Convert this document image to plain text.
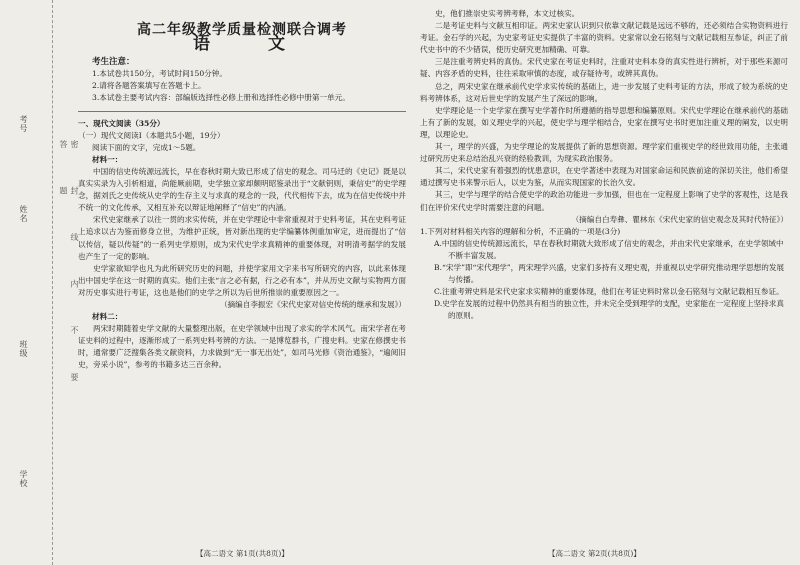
考号
姓名
班级
学校
密 封 线 内 不 要 答 题
高二年级教学质量检测联合调考
语 文
考生注意：
1.本试卷共150分，考试时间150分钟。
2.请将各题答案填写在答题卡上。
3.本试卷主要考试内容：部编版选择性必修上册和选择性必修中册第一单元。
一、现代文阅读（35分）
（一）现代文阅读Ⅰ（本题共5小题，19分）
阅读下面的文字，完成1～5题。
材料一：

中国的信史传统源远流长，早在春秋时期大致已形成了信史的观念。司马迁的《史记》既是以真实实录为入引析相道，尚能厥前期，史学独立家却颇明昭鉴录出于“文献钥则，秉信史”的史学理念，据刘氏之史传统从史学的生存主义与求真的观念的一段，代代相传下去，成为在信史传统中并不统一的文化传承，又相互补充以辩证地阐释了“信史”的内涵。

宋代史家继承了以往一贯的求实传统，并在史学理论中非常重视对于史料考证，其在史料考证上追求以古为鉴而修身立世，为维护正统，皆对新出现的史学编纂体例重加审定，进而提出了“信以传信，疑以传疑”的一系列史学原则，成为宋代史学求真精神的重要体现，对明清考据学的发展也产生了一定的影响。

史学家欲知学也凡为此所研究历史的问题，并使学家用文字来书写所研究的内容，以此来体现出中国史学在这一时期的真实。他们主张“言之必有据，行之必有本”，并从历史文献与实物两方面对历史事实进行考证，这也是他们的史学之所以为后世所推崇的重要原因之一。

（摘编自李振宏《宋代史家对信史传统的继承和发展》）
材料二：

两宋时期随着史学文献的大量整理出版，在史学领域中出现了求实的学术风气。南宋学者在考证史料的过程中，逐渐形成了一系列史料考辨的方法。一是博览群书，广搜史料。史家在修撰史书时，通常要广泛搜集各类文献资料，力求做到“无一事无出处”，如司马光修《资治通鉴》，“遍阅旧史，旁采小说”，参考的书籍多达三百余种。

【高二语文 第1页(共8页)】

史，他们推崇史实考辨考释，本文过核实。

二是考证史料与文献互相印证。两宋史家认识到只依靠文献记载是远远不够的，还必须结合实物资料进行考证。金石学的兴起，为史家考证史实提供了丰富的资料。史家常以金石铭刻与文献记载相互参证，纠正了前代史书中的不少错误，使历史研究更加精确、可靠。

三是注重考辨史料的真伪。宋代史家在考证史料时，注重对史料本身的真实性进行辨析，对于那些来源可疑、内容矛盾的史料，往往采取审慎的态度，或存疑待考，或辨其真伪。

总之，两宋史家在继承前代史学求实传统的基础上，进一步发展了史料考证的方法，形成了较为系统的史料考辨体系，这对后世史学的发展产生了深远的影响。

史学理论是一个史学家在撰写史学著作时所遵循的指导思想和编纂原则。宋代史学理论在继承前代的基础上有了新的发展，如义理史学的兴起，使史学与理学相结合，史家在撰写史书时更加注重义理的阐发，以史明理，以理论史。

其一，理学的兴盛，为史学理论的发展提供了新的思想资源。理学家们重视史学的经世致用功能，主张通过研究历史来总结治乱兴衰的经验教训，为现实政治服务。

其二，宋代史家有着强烈的忧患意识，在史学著述中表现为对国家命运和民族前途的深切关注，他们希望通过撰写史书来警示后人，以史为鉴，从而实现国家的长治久安。

其三，史学与理学的结合使史学的政治功能进一步加强，但也在一定程度上影响了史学的客观性，这是我们在评价宋代史学时需要注意的问题。

（摘编自白寿彝、瞿林东《宋代史家的信史观念及其时代特征》）
1.下列对材料相关内容的理解和分析，不正确的一项是(3分)
A.中国的信史传统源远流长，早在春秋时期就大致形成了信史的观念，并由宋代史家继承，在史学领域中不断丰富发展。
B.“宋学”即“宋代理学”，两宋理学兴盛，史家们多持有义理史观，并重视以史学研究推动理学思想的发展与传播。
C.注重考辨史料是宋代史家求实精神的重要体现，他们在考证史料时常以金石铭刻与文献记载相互参证。
D.史学在发展的过程中仍然具有相当的独立性，并未完全受到理学的支配，史家能在一定程度上坚持求真的原则。
【高二语文 第2页(共8页)】
